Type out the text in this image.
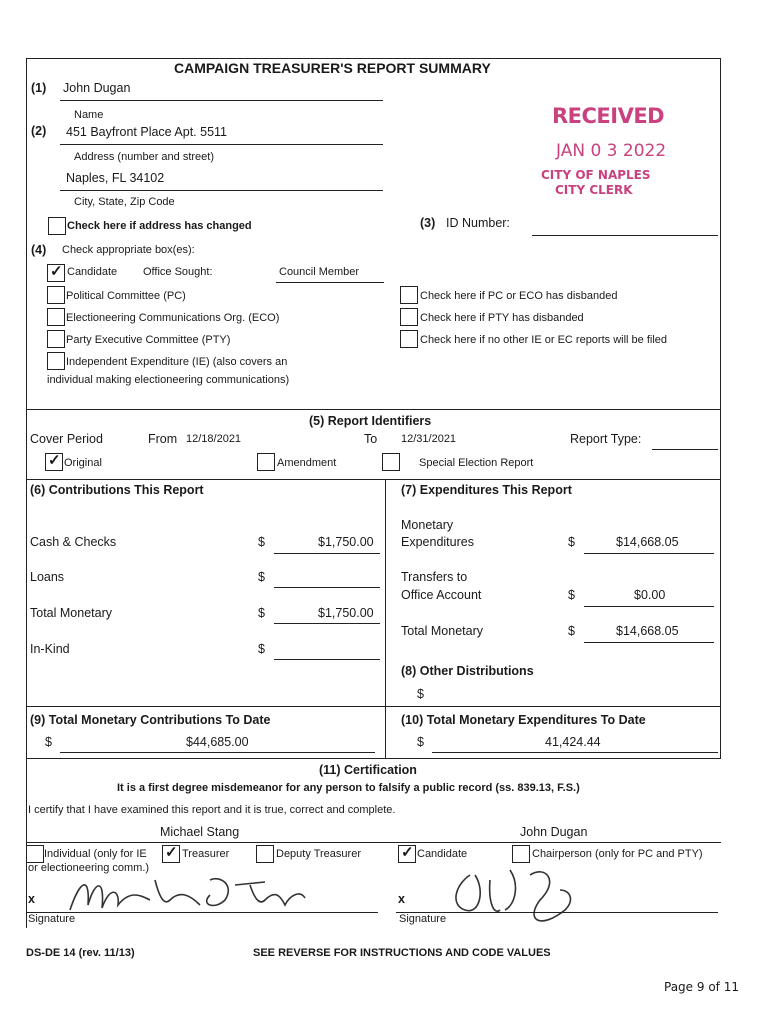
CAMPAIGN TREASURER'S REPORT SUMMARY
(1) John Dugan
Name
(2) 451 Bayfront Place Apt. 5511
Address (number and street)
Naples, FL 34102
City, State, Zip Code
RECEIVED
JAN 0 3 2022
CITY OF NAPLES
CITY CLERK
Check here if address has changed	(3) ID Number:
(4) Check appropriate box(es):
✓
Candidate Office Sought:	Council Member
Political Committee (PC)
Electioneering Communications Org. (ECO)
Party Executive Committee (PTY)
Independent Expenditure (IE) (also covers an
individual making electioneering communications)
Check here if PC or ECO has disbanded
Check here if PTY has disbanded
Check here if no other IE or EC reports will be filed
(5) Report Identifiers
Cover Period	From 12/18/2021	To 12/31/2021	Report Type:
✓
Original	Amendment	Special Election Report
(6) Contributions This Report
Cash & Checks	$	$1,750.00
Loans	$
Total Monetary	$	$1,750.00
In-Kind	$
(7) Expenditures This Report
Monetary
Expenditures	$	$14,668.05
Transfers to
Office Account	$	$0.00
Total Monetary	$	$14,668.05
(8) Other Distributions
$
(9) Total Monetary Contributions To Date
$	$44,685.00
(10) Total Monetary Expenditures To Date
$	41,424.44
(11) Certification
It is a first degree misdemeanor for any person to falsify a public record (ss. 839.13, F.S.)
I certify that I have examined this report and it is true, correct and complete.
Michael Stang	John Dugan
Individual (only for IE
or electioneering comm.)
✓
Treasurer	Deputy Treasurer
✓	Candidate	Chairperson (only for PC and PTY)
x
Signature
x
Signature
DS-DE 14 (rev. 11/13)	SEE REVERSE FOR INSTRUCTIONS AND CODE VALUES
Page 9 of 11
